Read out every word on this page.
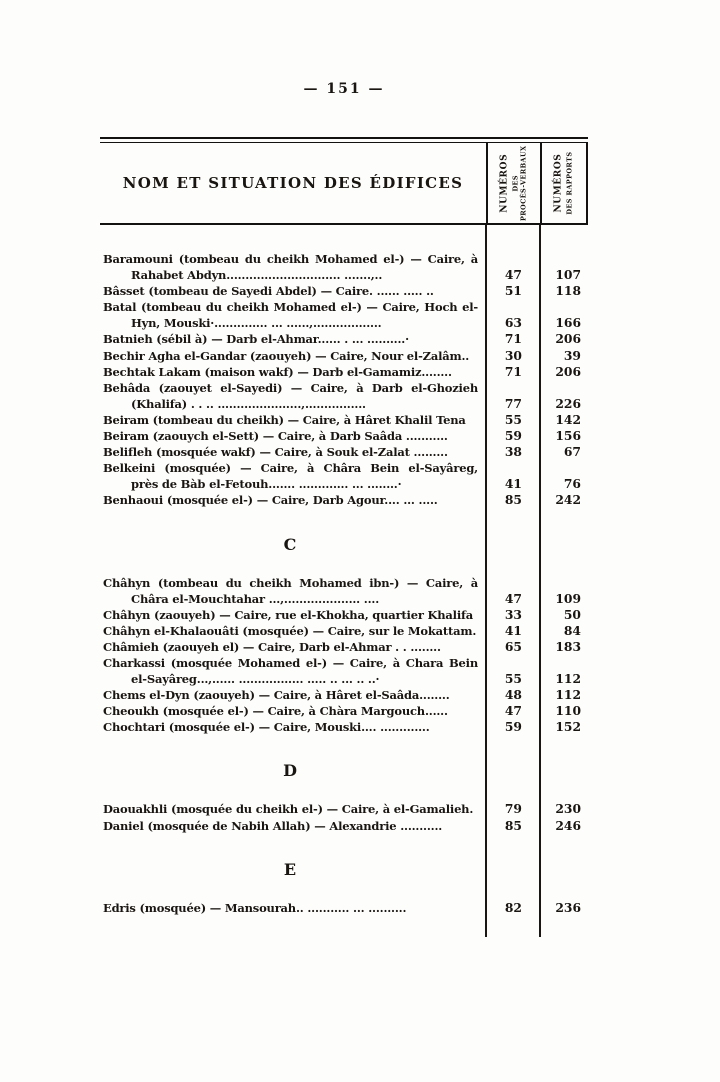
— 151 —
NOM ET SITUATION DES ÉDIFICES	NUMÉROS DES PROCÈS-VERBAUX	NUMÉROS DES RAPPORTS
Baramouni (tombeau du cheikh Mohamed el-) — Caire, à
Rahabet Abdyn.............................. .......,..	47	107
Bâsset (tombeau de Sayedi Abdel) — Caire. ...... ..... ..	51	118
Batal (tombeau du cheikh Mohamed el-) — Caire, Hoch el-
Hyn, Mouski·.............. ... ......,..................	63	166
Batnieh (sébil à) — Darb el-Ahmar...... . ... ..........·	71	206
Bechir Agha el-Gandar (zaouyeh) — Caire, Nour el-Zalâm..	30	39
Bechtak Lakam (maison wakf) — Darb el-Gamamiz........	71	206
Behâda (zaouyet el-Sayedi) — Caire, à Darb el-Ghozieh
(Khalifa) . . .. ......................,................	77	226
Beiram (tombeau du cheikh) — Caire, à Hâret Khalil Tena	55	142
Beiram (zaouych el-Sett) — Caire, à Darb Saâda ...........	59	156
Belifleh (mosquée wakf) — Caire, à Souk el-Zalat .........	38	67
Belkeini (mosquée) — Caire, à Châra Bein el-Sayâreg,
près de Bàb el-Fetouh....... ............. ... ........·	41	76
Benhaoui (mosquée el-) — Caire, Darb Agour.... ... .....	85	242
C
Châhyn (tombeau du cheikh Mohamed ibn-) — Caire, à
Châra el-Mouchtahar ...,.................... ....	47	109
Châhyn (zaouyeh) — Caire, rue el-Khokha, quartier Khalifa	33	50
Châhyn el-Khalaouâti (mosquée) — Caire, sur le Mokattam.	41	84
Châmieh (zaouyeh el) — Caire, Darb el-Ahmar . . ........	65	183
Charkassi (mosquée Mohamed el-) — Caire, à Chara Bein
el-Sayâreg...,...... ................. ..... .. ... .. ..·	55	112
Chems el-Dyn (zaouyeh) — Caire, à Hâret el-Saâda........	48	112
Cheoukh (mosquée el-) — Caire, à Chàra Margouch......	47	110
Chochtari (mosquée el-) — Caire, Mouski.... .............	59	152
D
Daouakhli (mosquée du cheikh el-) — Caire, à el-Gamalieh.	79	230
Daniel (mosquée de Nabih Allah) — Alexandrie ...........	85	246
E
Edris (mosquée) — Mansourah.. ........... ... ..........	82	236
